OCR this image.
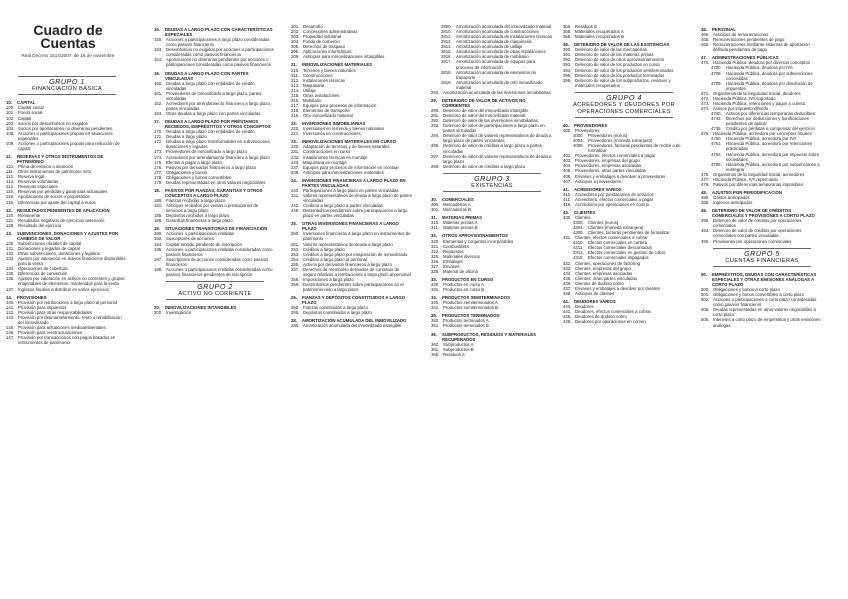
Cuadro de Cuentas
Real Decreto 1514/2007, de 16 de noviembre
GRUPO 1
FINANCIACIÓN BÁSICA
10.	CAPITAL
100. Capital social
101. Fondo social
102. Capital
103. Socios por desembolsos no exigidos
104. Socios por aportaciones no dinerarias pendientes
108. Acciones o participaciones propias en situaciones especiales
109. Acciones o participaciones propias para reducción de capital
11.	RESERVAS Y OTROS INSTRUMENTOS DE PATRIMONIO
110. Prima de emisión o asunción
111. Otros instrumentos de patrimonio neto
112. Reserva legal
113. Reservas voluntarias
114. Reservas especiales
115. Reservas por pérdidas y ganancias actuariales
118. Aportaciones de socios o propietarios
119. Diferencias por ajuste del capital a euros
12.	RESULTADOS PENDIENTES DE APLICACIÓN
120. Remanente
121. Resultados negativos de ejercicios anteriores
129. Resultado del ejercicio
13.	SUBVENCIONES, DONACIONES Y AJUSTES POR CAMBIOS DE VALOR
130. Subvenciones oficiales de capital
131. Donaciones y legados de capital
132. Otras subvenciones, donaciones y legados
133. Ajustes por valoración en activos financieros disponibles para la venta
134. Operaciones de cobertura
135. Diferencias de conversión
136. Ajustes por valoración en activos no corrientes y grupos enajenables de elementos, mantenidos para la venta
137. Ingresos fiscales a distribuir en varios ejercicios
14.	PROVISIONES
140. Provisión por retribuciones a largo plazo al personal
141. Provisión para impuestos
142. Provisión para otras responsabilidades
143. Provisión por desmantelamiento, retiro o rehabilitación del inmovilizado
145. Provisión para actuaciones medioambientales
146. Provisión para reestructuraciones
147. Provisión por transacciones con pagos basados en instrumentos de patrimonio
15.	DEUDAS A LARGO PLAZO CON CARACTERÍSTICAS ESPECIALES
150. Acciones o participaciones a largo plazo consideradas como pasivos financieros
153. Desembolsos no exigidos por acciones o participaciones consideradas como pasivos financieros
154. Aportaciones no dinerarias pendientes por acciones o participaciones consideradas como pasivos financieros
16.	DEUDAS A LARGO PLAZO CON PARTES VINCULADAS
160. Deudas a largo plazo con entidades de crédito vinculadas
161. Proveedores de inmovilizado a largo plazo, partes vinculadas
162. Acreedores por arrendamiento financiero a largo plazo, partes vinculadas
163. Otras deudas a largo plazo con partes vinculadas
17.	DEUDAS A LARGO PLAZO POR PRÉSTAMOS RECIBIDOS, EMPRÉSTITOS Y OTROS CONCEPTOS
170. Deudas a largo plazo con entidades de crédito
171. Deudas a largo plazo
172. Deudas a largo plazo transformables en subvenciones, donaciones y legados
173. Proveedores de inmovilizado a largo plazo
174. Acreedores por arrendamiento financiero a largo plazo
175. Efectos a pagar a largo plazo
176. Pasivos por derivados financieros a largo plazo
177. Obligaciones y bonos
178. Obligaciones y bonos convertibles
179. Deudas representadas en otros valores negociables
18.	PASIVOS POR FIANZAS, GARANTÍAS Y OTROS CONCEPTOS A LARGO PLAZO
180. Fianzas recibidas a largo plazo
181. Anticipos recibidos por ventas o prestaciones de servicios a largo plazo
185. Depósitos recibidos a largo plazo
189. Garantías financieras a largo plazo
19.	SITUACIONES TRANSITORIAS DE FINANCIACIÓN
190. Acciones o participaciones emitidas
192. Suscriptores de acciones
194. Capital emitido pendiente de inscripción
195. Acciones o participaciones emitidas consideradas como pasivos financieros
197. Suscriptores de acciones consideradas como pasivos financieros
199. Acciones o participaciones emitidas consideradas como pasivos financieros pendientes de inscripción
GRUPO 2
ACTIVO NO CORRIENTE
20.	INMOVILIZACIONES INTANGIBLES
200. Investigación
201. Desarrollo
202. Concesiones administrativas
203. Propiedad industrial
204. Fondo de comercio
205. Derechos de traspaso
206. Aplicaciones informáticas
209. Anticipos para inmovilizaciones intangibles
21.	INMOVILIZACIONES MATERIALES
210. Terrenos y bienes naturales
211. Construcciones
212. Instalaciones técnicas
213. Maquinaria
214. Utillaje
215. Otras instalaciones
216. Mobiliario
217. Equipos para procesos de información
218. Elementos de transporte
219. Otro inmovilizado material
22.	INVERSIONES INMOBILIARIAS
220. Inversiones en terrenos y bienes naturales
221. Inversiones en construcciones
23.	INMOVILIZACIONES MATERIALES EN CURSO
230. Adaptación de terrenos y de bienes naturales
231. Construcciones en curso
232. Instalaciones técnicas en montaje
233. Maquinaria en montaje
237. Equipos para procesos de información en montaje
239. Anticipos para inmovilizaciones materiales
24.	INVERSIONES FINANCIERAS A LARGO PLAZO EN PARTES VINCULADAS
240. Participaciones a largo plazo en partes vinculadas
241. Valores representativos de deuda a largo plazo de partes vinculadas
242. Créditos a largo plazo a partes vinculadas
249. Desembolsos pendientes sobre participaciones a largo plazo en partes vinculadas
25.	OTRAS INVERSIONES FINANCIERAS A LARGO PLAZO
250. Inversiones financieras a largo plazo en instrumentos de patrimonio
251. Valores representativos de deuda a largo plazo
252. Créditos a largo plazo
253. Créditos a largo plazo por enajenación de inmovilizado
254. Créditos a largo plazo al personal
255. Activos por derivados financieros a largo plazo
257. Derechos de reembolso derivados de contratos de seguro relativos a retribuciones a largo plazo al personal
258. Imposiciones a largo plazo
259. Desembolsos pendientes sobre participaciones en el patrimonio neto a largo plazo
26.	FIANZAS Y DEPÓSITOS CONSTITUIDOS A LARGO PLAZO
260. Fianzas constituidas a largo plazo
265. Depósitos constituidos a largo plazo
28.	AMORTIZACIÓN ACUMULADA DEL INMOVILIZADO
280. Amortización acumulada del inmovilizado intangible
2800. Amortización acumulada del inmovilizado material
2810. Amortización acumulada de construcciones
2811.	Amortización acumulada de instalaciones técnicas
2812. Amortización acumulada de maquinaria
2813. Amortización acumulada de utillaje
2815. Amortización acumulada de otras instalaciones
2816. Amortización acumulada de mobiliario
2817. Amortización acumulada de equipos para procesos de información
2818. Amortización acumulada de elementos de transporte
2819. Amortización acumulada de otro inmovilizado material
282. Amortización acumulada de las inversiones inmobiliarias
29.	DETERIORO DE VALOR DE ACTIVOS NO CORRIENTES
290. Deterioro de valor del inmovilizado intangible
291. Deterioro de valor del inmovilizado material
292. Deterioro de valor de las inversiones inmobiliarias
293. Deterioro de valor de participaciones a largo plazo en partes vinculadas
294. Deterioro de valor de valores representativos de deuda a largo plazo de partes vinculadas
295. Deterioro de valor de créditos a largo plazo a partes vinculadas
297. Deterioro de valor de valores representativos de deuda a largo plazo
298. Deterioro de valor de créditos a largo plazo
GRUPO 3
EXISTENCIAS
30.	COMERCIALES
300. Mercaderías A
301. Mercaderías B
31.	MATERIAS PRIMAS
310. Materias primas A
311. Materias primas B
32.	OTROS APROVISIONAMIENTOS
320. Elementos y conjuntos incorporables
321. Combustibles
322. Repuestos
325. Materiales diversos
326. Embalajes
327. Envases
328. Material de oficina
33.	PRODUCTOS EN CURSO
330. Productos en curso A
331. Productos en curso B
34.	PRODUCTOS SEMITERMINADOS
340. Productos semiterminados A
341. Productos semiterminados B
35.	PRODUCTOS TERMINADOS
350. Productos terminados A
351. Productos terminados B
36.	SUBPRODUCTOS, RESIDUOS Y MATERIALES RECUPERADOS
360. Subproductos A
361. Subproductos B
365. Residuos A
366. Residuos B
368. Materiales recuperados A
369. Materiales recuperados B
39.	DETERIORO DE VALOR DE LAS EXISTENCIAS
390. Deterioro de valor de las mercaderías
391. Deterioro de valor de las materias primas
392. Deterioro de valor de otros aprovisionamientos
393. Deterioro de valor de los productos en curso
394. Deterioro de valor de los productos semiterminados
395. Deterioro de valor de los productos terminados
396. Deterioro de valor de los subproductos, residuos y materiales recuperados
GRUPO 4
ACREEDORES Y DEUDORES POR OPERACIONES COMERCIALES
40.	PROVEEDORES
400. Proveedores
4000. Proveedores (euros)
4004. Proveedores (moneda extranjera)
4009. Proveedores, facturas pendientes de recibir o de formalizar
401. Proveedores, efectos comerciales a pagar
403. Proveedores, empresas del grupo
404. Proveedores, empresas asociadas
405. Proveedores, otras partes vinculadas
406. Envases y embalajes a devolver a proveedores
407. Anticipos a proveedores
41.	ACREEDORES VARIOS
410. Acreedores por prestaciones de servicios
411. Acreedores, efectos comerciales a pagar
419. Acreedores por operaciones en común
43.	CLIENTES
430. Clientes
4300. Clientes (euros)
4304. Clientes (moneda extranjera)
4309. Clientes, facturas pendientes de formalizar
431. Clientes, efectos comerciales a cobrar
4310. Efectos comerciales en cartera
4311.	Efectos comerciales descontados
4312. Efectos comerciales en gestión de cobro
4315. Efectos comerciales impagados
432. Clientes, operaciones de factoring
433. Clientes, empresas del grupo
434. Clientes, empresas asociadas
435. Clientes, otras partes vinculadas
436. Clientes de dudoso cobro
437. Envases y embalajes a devolver por clientes
438. Anticipos de clientes
44.	DEUDORES VARIOS
440. Deudores
441. Deudores, efectos comerciales a cobrar
446. Deudores de dudoso cobro
449. Deudores por operaciones en común
46.	PERSONAL
460. Anticipos de remuneraciones
465. Remuneraciones pendientes de pago
466. Remuneraciones mediante sistemas de aportación definida pendientes de pago
47.	ADMINISTRACIONES PÚBLICAS
470. Hacienda Pública, deudora por diversos conceptos
4700. Hacienda Pública, deudora por IVA
4708. Hacienda Pública, deudora por subvenciones concedidas
4709. Hacienda Pública, deudora por devolución de impuestos
471. Organismos de la Seguridad Social, deudores
472. Hacienda Pública, IVA soportado
473. Hacienda Pública, retenciones y pagos a cuenta
474. Activos por impuesto diferido
4740. Activos por diferencias temporarias deducibles
4742. Derechos por deducciones y bonificaciones pendientes de aplicar
4745. Crédito por pérdidas a compensar del ejercicio
475. Hacienda Pública, acreedora por conceptos fiscales
4750. Hacienda Pública, acreedora por IVA
4751. Hacienda Pública, acreedora por retenciones practicadas
4752. Hacienda Pública, acreedora por impuesto sobre sociedades
4758. Hacienda Pública, acreedora por subvenciones a reintegrar
476. Organismos de la Seguridad Social, acreedores
477. Hacienda Pública, IVA repercutido
479. Pasivos por diferencias temporarias imponibles
48.	AJUSTES POR PERIODIFICACIÓN
480. Gastos anticipados
485. Ingresos anticipados
49.	DETERIORO DE VALOR DE CRÉDITOS COMERCIALES Y PROVISIONES A CORTO PLAZO
490. Deterioro de valor de créditos por operaciones comerciales
493. Deterioro de valor de créditos por operaciones comerciales con partes vinculadas
499. Provisiones por operaciones comerciales
GRUPO 5
CUENTAS FINANCIERAS
50.	EMPRÉSTITOS, DEUDAS CON CARACTERÍSTICAS ESPECIALES Y OTRAS EMISIONES ANÁLOGAS A CORTO PLAZO
500. Obligaciones y bonos a corto plazo
501. Obligaciones y bonos convertibles a corto plazo
502. Acciones o participaciones a corto plazo consideradas como pasivos financieros
505. Deudas representadas en otros valores negociables a corto plazo
506. Intereses a corto plazo de empréstitos y otras emisiones análogas
